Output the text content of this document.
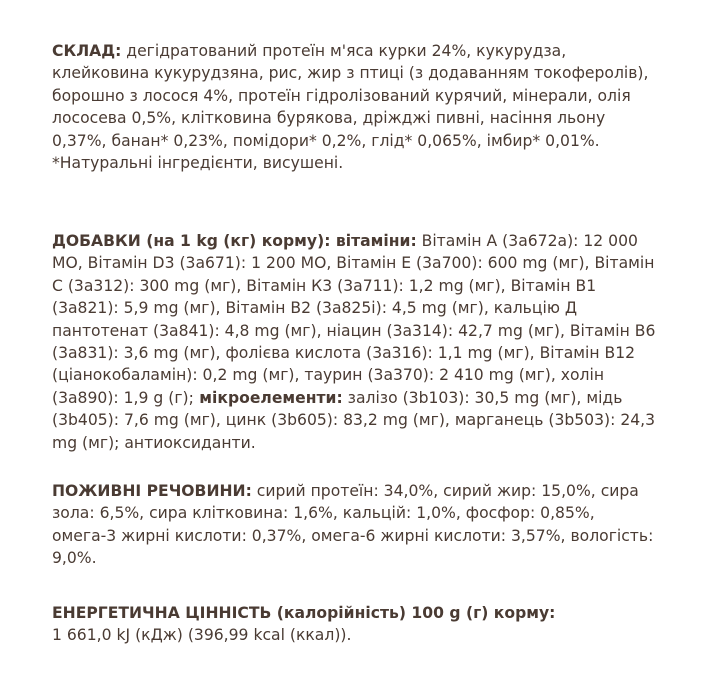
СКЛАД: дегідратований протеїн м'яса курки 24%, кукурудза, клейковина кукурудзяна, рис, жир з птиці (з додаванням токоферолів), борошно з лосося 4%, протеїн гідролізований курячий, мінерали, олія лососева 0,5%, клітковина бурякова, дріжджі пивні, насіння льону 0,37%, банан* 0,23%, помідори* 0,2%, глід* 0,065%, імбир* 0,01%.

*Натуральні інгредієнти, висушені.

ДОБАВКИ (на 1 kg (кг) корму): вітаміни: Вітамін А (3а672а): 12 000 МО, Вітамін D3 (3а671): 1 200 МО, Вітамін Е (3а700): 600 mg (мг), Вітамін С (3а312): 300 mg (мг), Вітамін К3 (3а711): 1,2 mg (мг), Вітамін В1 (3а821): 5,9 mg (мг), Вітамін В2 (3а825і): 4,5 mg (мг), кальцію Д пантотенат (3а841): 4,8 mg (мг), ніацин (3а314): 42,7 mg (мг), Вітамін В6 (3а831): 3,6 mg (мг), фолієва кислота (3а316): 1,1 mg (мг), Вітамін В12 (ціанокобаламін): 0,2 mg (мг), таурин (3а370): 2 410 mg (мг), холін (3а890): 1,9 g (г); мікроелементи: залізо (3b103): 30,5 mg (мг), мідь (3b405): 7,6 mg (мг), цинк (3b605): 83,2 mg (мг), марганець (3b503): 24,3 mg (мг); антиоксиданти.

ПОЖИВНІ РЕЧОВИНИ: сирий протеїн: 34,0%, сирий жир: 15,0%, сира зола: 6,5%, сира клітковина: 1,6%, кальцій: 1,0%, фосфор: 0,85%, омега-3 жирні кислоти: 0,37%, омега-6 жирні кислоти: 3,57%, вологість: 9,0%.

ЕНЕРГЕТИЧНА ЦІННІСТЬ (калорійність) 100 g (г) корму:

1 661,0 kJ (кДж) (396,99 kcal (ккал)).
